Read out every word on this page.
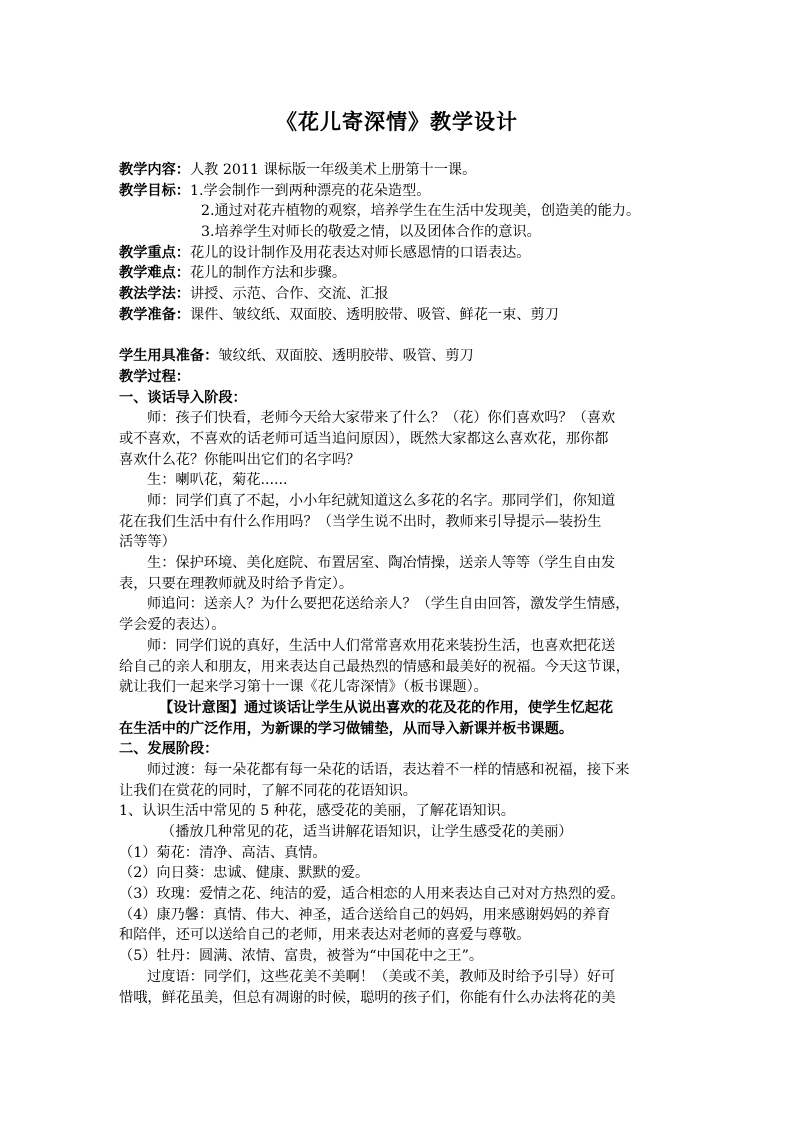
《花儿寄深情》教学设计
教学内容：人教 2011 课标版一年级美术上册第十一课。
教学目标：1.学会制作一到两种漂亮的花朵造型。
2.通过对花卉植物的观察，培养学生在生活中发现美，创造美的能力。
3.培养学生对师长的敬爱之情，以及团体合作的意识。
教学重点：花儿的设计制作及用花表达对师长感恩情的口语表达。
教学难点：花儿的制作方法和步骤。
教法学法：讲授、示范、合作、交流、汇报
教学准备：课件、皱纹纸、双面胶、透明胶带、吸管、鲜花一束、剪刀
学生用具准备：皱纹纸、双面胶、透明胶带、吸管、剪刀
教学过程：
一、谈话导入阶段：
师：孩子们快看，老师今天给大家带来了什么？（花）你们喜欢吗？（喜欢
或不喜欢，不喜欢的话老师可适当追问原因），既然大家都这么喜欢花，那你都
喜欢什么花？你能叫出它们的名字吗？
生：喇叭花，菊花......
师：同学们真了不起，小小年纪就知道这么多花的名字。那同学们，你知道
花在我们生活中有什么作用吗？（当学生说不出时，教师来引导提示—装扮生
活等等）
生：保护环境、美化庭院、布置居室、陶冶情操，送亲人等等（学生自由发
表，只要在理教师就及时给予肯定）。
师追问：送亲人？为什么要把花送给亲人？（学生自由回答，激发学生情感，
学会爱的表达）。
师：同学们说的真好，生活中人们常常喜欢用花来装扮生活，也喜欢把花送
给自己的亲人和朋友，用来表达自己最热烈的情感和最美好的祝福。今天这节课，
就让我们一起来学习第十一课《花儿寄深情》（板书课题）。
【设计意图】通过谈话让学生从说出喜欢的花及花的作用，使学生忆起花
在生活中的广泛作用，为新课的学习做铺垫，从而导入新课并板书课题。
二、发展阶段：
师过渡：每一朵花都有每一朵花的话语，表达着不一样的情感和祝福，接下来
让我们在赏花的同时，了解不同花的花语知识。
1、认识生活中常见的 5 种花，感受花的美丽，了解花语知识。
（播放几种常见的花，适当讲解花语知识，让学生感受花的美丽）
（1）菊花：清净、高洁、真情。
（2）向日葵：忠诚、健康、默默的爱。
（3）玫瑰：爱情之花、纯洁的爱，适合相恋的人用来表达自己对对方热烈的爱。
（4）康乃馨：真情、伟大、神圣，适合送给自己的妈妈，用来感谢妈妈的养育
和陪伴，还可以送给自己的老师，用来表达对老师的喜爱与尊敬。
（5）牡丹：圆满、浓情、富贵，被誉为“中国花中之王”。
过度语：同学们，这些花美不美啊！（美或不美，教师及时给予引导）好可
惜哦，鲜花虽美，但总有凋谢的时候，聪明的孩子们，你能有什么办法将花的美
